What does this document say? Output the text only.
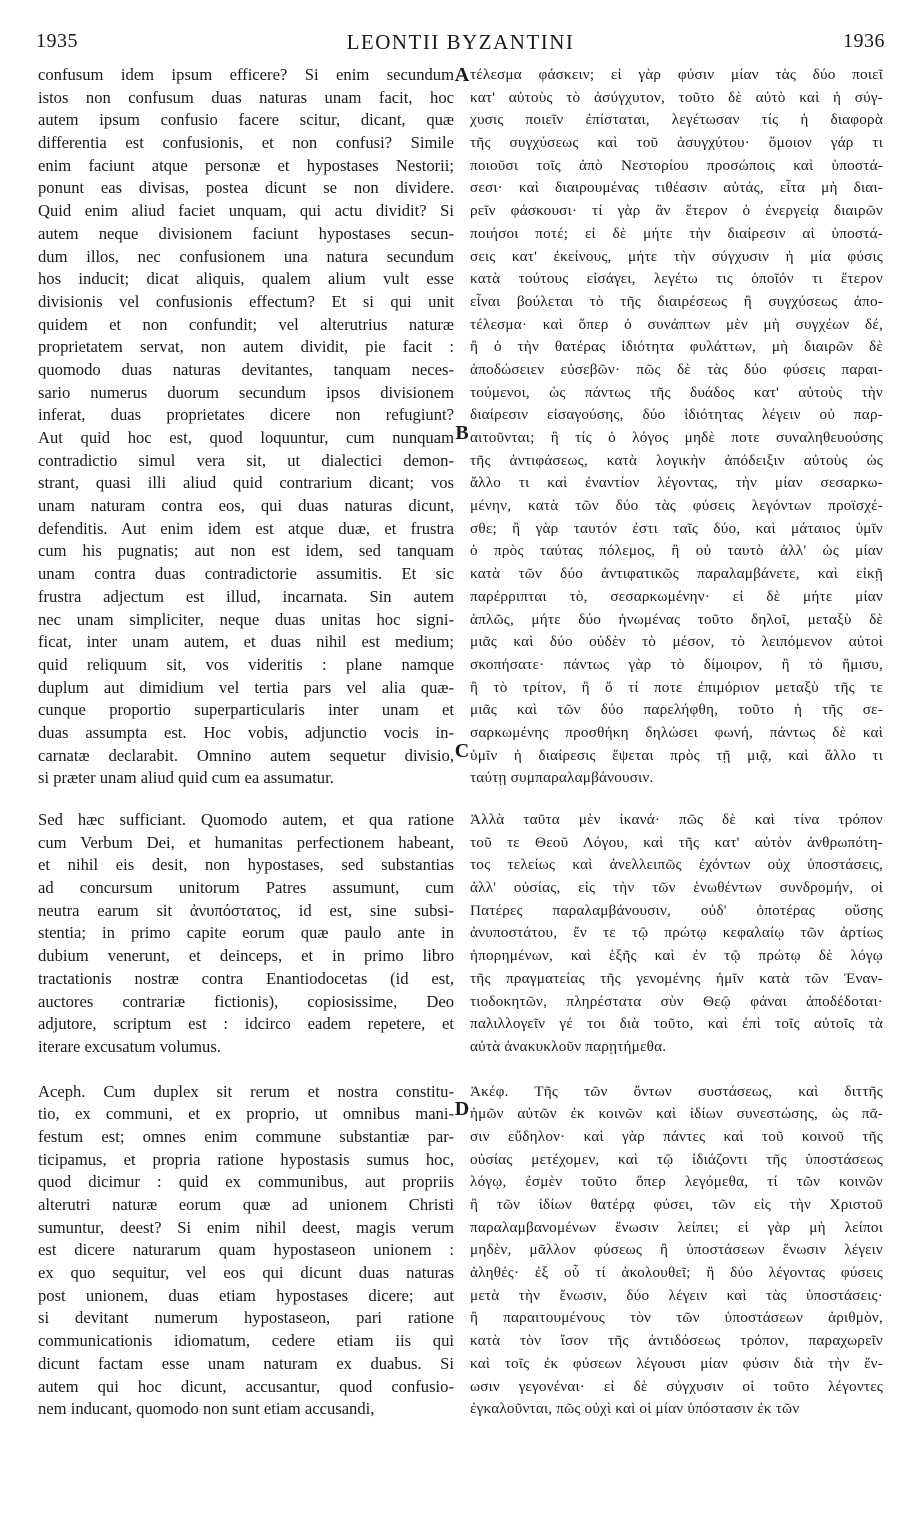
1935	LEONTII BYZANTINI	1936
A
B
C
D
confusum idem ipsum efficere? Si enim secundum
istos non confusum duas naturas unam facit, hoc
autem ipsum confusio facere scitur, dicant, quæ
differentia est confusionis, et non confusi? Simile
enim faciunt atque personæ et hypostases Nestorii;
ponunt eas divisas, postea dicunt se non dividere.
Quid enim aliud faciet unquam, qui actu dividit? Si
autem neque divisionem faciunt hypostases secun-
dum illos, nec confusionem una natura secundum
hos inducit; dicat aliquis, qualem alium vult esse
divisionis vel confusionis effectum? Et si qui unit
quidem et non confundit; vel alterutrius naturæ
proprietatem servat, non autem dividit, pie facit :
quomodo duas naturas devitantes, tanquam neces-
sario numerus duorum secundum ipsos divisionem
inferat, duas proprietates dicere non refugiunt?
Aut quid hoc est, quod loquuntur, cum nunquam
contradictio simul vera sit, ut dialectici demon-
strant, quasi illi aliud quid contrarium dicant; vos
unam naturam contra eos, qui duas naturas dicunt,
defenditis. Aut enim idem est atque duæ, et frustra
cum his pugnatis; aut non est idem, sed tanquam
unam contra duas contradictorie assumitis. Et sic
frustra adjectum est illud, incarnata. Sin autem
nec unam simpliciter, neque duas unitas hoc signi-
ficat, inter unam autem, et duas nihil est medium;
quid reliquum sit, vos videritis : plane namque
duplum aut dimidium vel tertia pars vel alia quæ-
cunque proportio superparticularis inter unam et
duas assumpta est. Hoc vobis, adjunctio vocis in-
carnatæ declarabit. Omnino autem sequetur divisio,
si præter unam aliud quid cum ea assumatur.
Sed hæc sufficiant. Quomodo autem, et qua ratione
cum Verbum Dei, et humanitas perfectionem habeant,
et nihil eis desit, non hypostases, sed substantias
ad concursum unitorum Patres assumunt, cum
neutra earum sit ἀνυπόστατος, id est, sine subsi-
stentia; in primo capite eorum quæ paulo ante in
dubium venerunt, et deinceps, et in primo libro
tractationis nostræ contra Enantiodocetas (id est,
auctores contrariæ fictionis), copiosissime, Deo
adjutore, scriptum est : idcirco eadem repetere, et
iterare excusatum volumus.
Aceph. Cum duplex sit rerum et nostra constitu-
tio, ex communi, et ex proprio, ut omnibus mani-
festum est; omnes enim commune substantiæ par-
ticipamus, et propria ratione hypostasis sumus hoc,
quod dicimur : quid ex communibus, aut propriis
alterutri naturæ eorum quæ ad unionem Christi
sumuntur, deest? Si enim nihil deest, magis verum
est dicere naturarum quam hypostaseon unionem :
ex quo sequitur, vel eos qui dicunt duas naturas
post unionem, duas etiam hypostases dicere; aut
si devitant numerum hypostaseon, pari ratione
communicationis idiomatum, cedere etiam iis qui
dicunt factam esse unam naturam ex duabus. Si
autem qui hoc dicunt, accusantur, quod confusio-
nem inducant, quomodo non sunt etiam accusandi,
τέλεσμα φάσκειν; εἰ γὰρ φύσιν μίαν τὰς δύο ποιεῖ
κατ' αὐτοὺς τὸ ἀσύγχυτον, τοῦτο δὲ αὐτὸ καὶ ἡ σύγ-
χυσις ποιεῖν ἐπίσταται, λεγέτωσαν τίς ἡ διαφορὰ
τῆς συγχύσεως καὶ τοῦ ἀσυγχύτου· ὅμοιον γάρ τι
ποιοῦσι τοῖς ἀπὸ Νεστορίου προσώποις καὶ ὑποστά-
σεσι· καὶ διαιρουμένας τιθέασιν αὐτάς, εἶτα μὴ διαι-
ρεῖν φάσκουσι· τί γὰρ ἂν ἕτερον ὁ ἐνεργείᾳ διαιρῶν
ποιήσοι ποτέ; εἰ δὲ μήτε τὴν διαίρεσιν αἱ ὑποστά-
σεις κατ' ἐκείνους, μήτε τὴν σύγχυσιν ἡ μία φύσις
κατὰ τούτους εἰσάγει, λεγέτω τις ὁποῖόν τι ἕτερον
εἶναι βούλεται τὸ τῆς διαιρέσεως ἢ συγχύσεως ἀπο-
τέλεσμα· καὶ ὅπερ ὁ συνάπτων μὲν μὴ συγχέων δέ,
ἢ ὁ τὴν θατέρας ἰδιότητα φυλάττων, μὴ διαιρῶν δὲ
ἀποδώσειεν εὐσεβῶν· πῶς δὲ τὰς δύο φύσεις παραι-
τούμενοι, ὡς πάντως τῆς δυάδος κατ' αὐτοὺς τὴν
διαίρεσιν εἰσαγούσης, δύο ἰδιότητας λέγειν οὐ παρ-
αιτοῦνται; ἢ τίς ὁ λόγος μηδὲ ποτε συναληθευούσης
τῆς ἀντιφάσεως, κατὰ λογικὴν ἀπόδειξιν αὐτοὺς ὡς
ἄλλο τι καὶ ἐναντίον λέγοντας, τὴν μίαν σεσαρκω-
μένην, κατὰ τῶν δύο τὰς φύσεις λεγόντων προϊσχέ-
σθε; ἢ γὰρ ταυτόν ἐστι ταῖς δύο, καὶ μάταιος ὑμῖν
ὁ πρὸς ταύτας πόλεμος, ἢ οὐ ταυτὸ ἀλλ' ὡς μίαν
κατὰ τῶν δύο ἀντιφατικῶς παραλαμβάνετε, καὶ εἰκῇ
παρέρριπται τὸ, σεσαρκωμένην· εἰ δὲ μήτε μίαν
ἁπλῶς, μήτε δύο ἡνωμένας τοῦτο δηλοῖ, μεταξὺ δὲ
μιᾶς καὶ δύο οὐδὲν τὸ μέσον, τὸ λειπόμενον αὐτοὶ
σκοπήσατε· πάντως γὰρ τὸ δίμοιρον, ἢ τὸ ἥμισυ,
ἢ τὸ τρίτον, ἢ ὅ τί ποτε ἐπιμόριον μεταξὺ τῆς τε
μιᾶς καὶ τῶν δύο παρελήφθη, τοῦτο ἡ τῆς σε-
σαρκωμένης προσθήκη δηλώσει φωνή, πάντως δὲ καὶ
ὑμῖν ἡ διαίρεσις ἕψεται πρὸς τῇ μιᾷ, καὶ ἄλλο τι
ταύτῃ συμπαραλαμβάνουσιν.
Ἀλλὰ ταῦτα μὲν ἱκανά· πῶς δὲ καὶ τίνα τρόπον
τοῦ τε Θεοῦ Λόγου, καὶ τῆς κατ' αὐτὸν ἀνθρωπότη-
τος τελείως καὶ ἀνελλειπῶς ἐχόντων οὐχ ὑποστάσεις,
ἀλλ' οὐσίας, εἰς τὴν τῶν ἑνωθέντων συνδρομήν, οἱ
Πατέρες παραλαμβάνουσιν, οὐδ' ὁποτέρας οὔσης
ἀνυποστάτου, ἔν τε τῷ πρώτῳ κεφαλαίῳ τῶν ἀρτίως
ἠπορημένων, καὶ ἑξῆς καὶ ἐν τῷ πρώτῳ δὲ λόγῳ
τῆς πραγματείας τῆς γενομένης ἡμῖν κατὰ τῶν Ἐναν-
τιοδοκητῶν, πληρέστατα σὺν Θεῷ φάναι ἀποδέδοται·
παλιλλογεῖν γέ τοι διὰ τοῦτο, καὶ ἐπὶ τοῖς αὐτοῖς τὰ
αὐτὰ ἀνακυκλοῦν παρῃτήμεθα.
Ἀκέφ. Τῆς τῶν ὄντων συστάσεως, καὶ διττῆς
ἡμῶν αὐτῶν ἐκ κοινῶν καὶ ἰδίων συνεστώσης, ὡς πᾶ-
σιν εὔδηλον· καὶ γὰρ πάντες καὶ τοῦ κοινοῦ τῆς
οὐσίας μετέχομεν, καὶ τῷ ἰδιάζοντι τῆς ὑποστάσεως
λόγῳ, ἐσμὲν τοῦτο ὅπερ λεγόμεθα, τί τῶν κοινῶν
ἢ τῶν ἰδίων θατέρᾳ φύσει, τῶν εἰς τὴν Χριστοῦ
παραλαμβανομένων ἕνωσιν λείπει; εἰ γὰρ μὴ λείποι
μηδὲν, μᾶλλον φύσεως ἢ ὑποστάσεων ἕνωσιν λέγειν
ἀληθές· ἐξ οὗ τί ἀκολουθεῖ; ἢ δύο λέγοντας φύσεις
μετὰ τὴν ἕνωσιν, δύο λέγειν καὶ τὰς ὑποστάσεις·
ἢ παραιτουμένους τὸν τῶν ὑποστάσεων ἀριθμὸν,
κατὰ τὸν ἴσον τῆς ἀντιδόσεως τρόπον, παραχωρεῖν
καὶ τοῖς ἐκ φύσεων λέγουσι μίαν φύσιν διὰ τὴν ἕν-
ωσιν γεγονέναι· εἰ δὲ σύγχυσιν οἱ τοῦτο λέγοντες
ἐγκαλοῦνται, πῶς οὐχὶ καὶ οἱ μίαν ὑπόστασιν ἐκ τῶν
